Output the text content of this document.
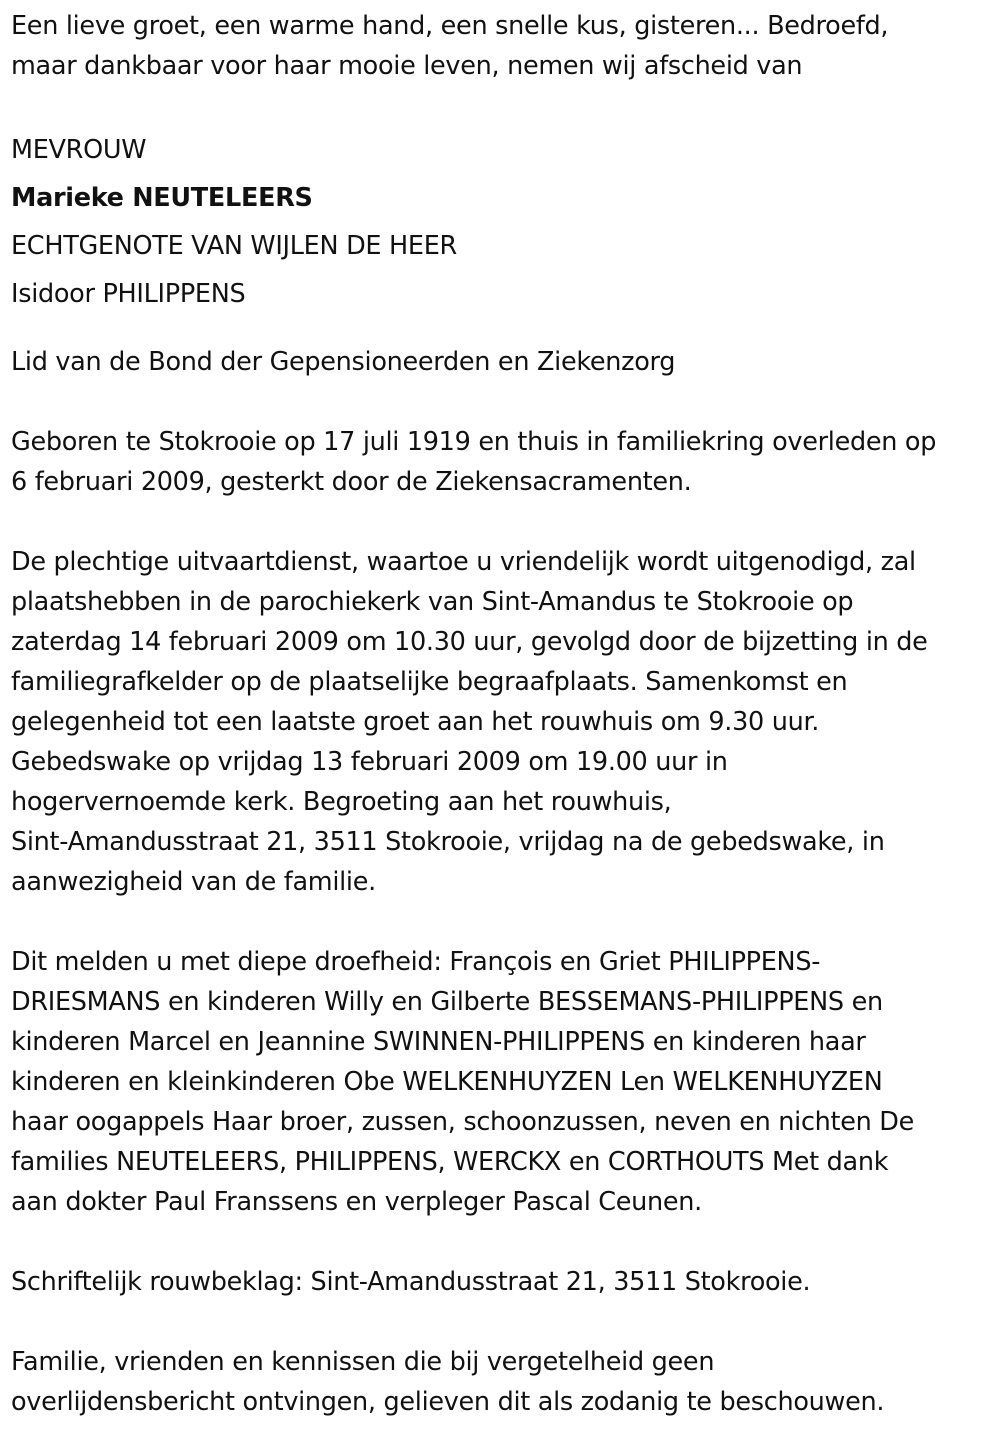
Een lieve groet, een warme hand, een snelle kus, gisteren... Bedroefd,
maar dankbaar voor haar mooie leven, nemen wij afscheid van
MEVROUW
Marieke NEUTELEERS
ECHTGENOTE VAN WIJLEN DE HEER
Isidoor PHILIPPENS
Lid van de Bond der Gepensioneerden en Ziekenzorg
Geboren te Stokrooie op 17 juli 1919 en thuis in familiekring overleden op
6 februari 2009, gesterkt door de Ziekensacramenten.
De plechtige uitvaartdienst, waartoe u vriendelijk wordt uitgenodigd, zal
plaatshebben in de parochiekerk van Sint-Amandus te Stokrooie op
zaterdag 14 februari 2009 om 10.30 uur, gevolgd door de bijzetting in de
familiegrafkelder op de plaatselijke begraafplaats. Samenkomst en
gelegenheid tot een laatste groet aan het rouwhuis om 9.30 uur.
Gebedswake op vrijdag 13 februari 2009 om 19.00 uur in
hogervernoemde kerk. Begroeting aan het rouwhuis,
Sint-Amandusstraat 21, 3511 Stokrooie, vrijdag na de gebedswake, in
aanwezigheid van de familie.
Dit melden u met diepe droefheid: François en Griet PHILIPPENS-
DRIESMANS en kinderen Willy en Gilberte BESSEMANS-PHILIPPENS en
kinderen Marcel en Jeannine SWINNEN-PHILIPPENS en kinderen haar
kinderen en kleinkinderen Obe WELKENHUYZEN Len WELKENHUYZEN
haar oogappels Haar broer, zussen, schoonzussen, neven en nichten De
families NEUTELEERS, PHILIPPENS, WERCKX en CORTHOUTS Met dank
aan dokter Paul Franssens en verpleger Pascal Ceunen.
Schriftelijk rouwbeklag: Sint-Amandusstraat 21, 3511 Stokrooie.
Familie, vrienden en kennissen die bij vergetelheid geen
overlijdensbericht ontvingen, gelieven dit als zodanig te beschouwen.
